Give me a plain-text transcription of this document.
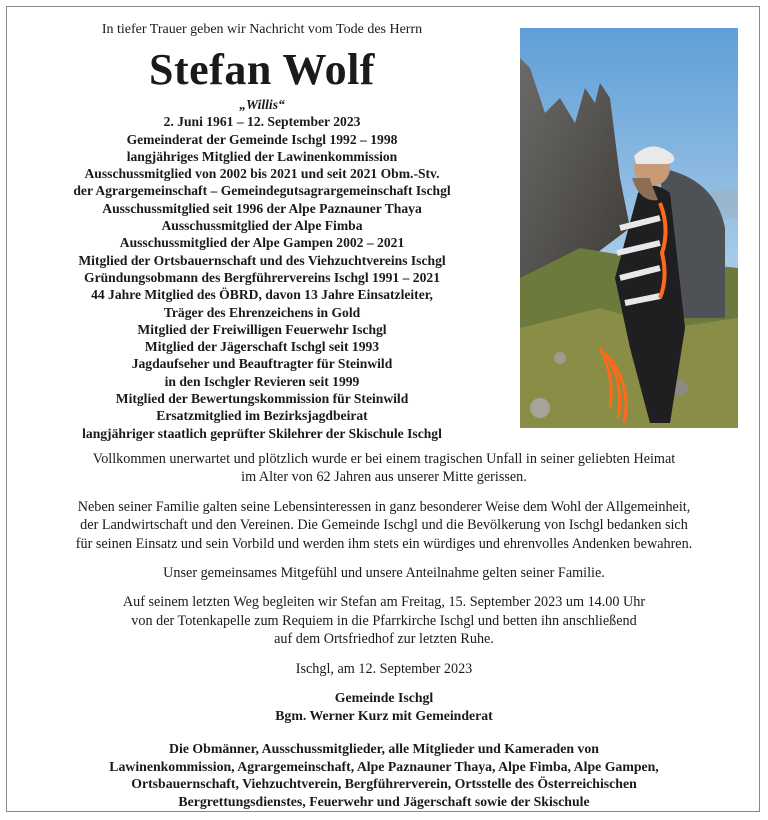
In tiefer Trauer geben wir Nachricht vom Tode des Herrn
Stefan Wolf
„Willis“
2. Juni 1961 – 12. September 2023
Gemeinderat der Gemeinde Ischgl 1992 – 1998
langjähriges Mitglied der Lawinenkommission
Ausschussmitglied von 2002 bis 2021 und seit 2021 Obm.-Stv.
der Agrargemeinschaft – Gemeindegutsagrargemeinschaft Ischgl
Ausschussmitglied seit 1996 der Alpe Paznauner Thaya
Ausschussmitglied der Alpe Fimba
Ausschussmitglied der Alpe Gampen 2002 – 2021
Mitglied der Ortsbauernschaft und des Viehzuchtvereins Ischgl
Gründungsobmann des Bergführervereins Ischgl 1991 – 2021
44 Jahre Mitglied des ÖBRD, davon 13 Jahre Einsatzleiter,
Träger des Ehrenzeichens in Gold
Mitglied der Freiwilligen Feuerwehr Ischgl
Mitglied der Jägerschaft Ischgl seit 1993
Jagdaufseher und Beauftragter für Steinwild
in den Ischgler Revieren seit 1999
Mitglied der Bewertungskommission für Steinwild
Ersatzmitglied im Bezirksjagdbeirat
langjähriger staatlich geprüfter Skilehrer der Skischule Ischgl
Vollkommen unerwartet und plötzlich wurde er bei einem tragischen Unfall in seiner geliebten Heimat
im Alter von 62 Jahren aus unserer Mitte gerissen.
Neben seiner Familie galten seine Lebensinteressen in ganz besonderer Weise dem Wohl der Allgemeinheit,
der Landwirtschaft und den Vereinen. Die Gemeinde Ischgl und die Bevölkerung von Ischgl bedanken sich
für seinen Einsatz und sein Vorbild und werden ihm stets ein würdiges und ehrenvolles Andenken bewahren.
Unser gemeinsames Mitgefühl und unsere Anteilnahme gelten seiner Familie.
Auf seinem letzten Weg begleiten wir Stefan am Freitag, 15. September 2023 um 14.00 Uhr
von der Totenkapelle zum Requiem in die Pfarrkirche Ischgl und betten ihn anschließend
auf dem Ortsfriedhof zur letzten Ruhe.
Ischgl, am 12. September 2023
Gemeinde Ischgl
Bgm. Werner Kurz mit Gemeinderat
Die Obmänner, Ausschussmitglieder, alle Mitglieder und Kameraden von
Lawinenkommission, Agrargemeinschaft, Alpe Paznauner Thaya, Alpe Fimba, Alpe Gampen,
Ortsbauernschaft, Viehzuchtverein, Bergführerverein, Ortsstelle des Österreichischen
Bergrettungsdienstes, Feuerwehr und Jägerschaft sowie der Skischule
